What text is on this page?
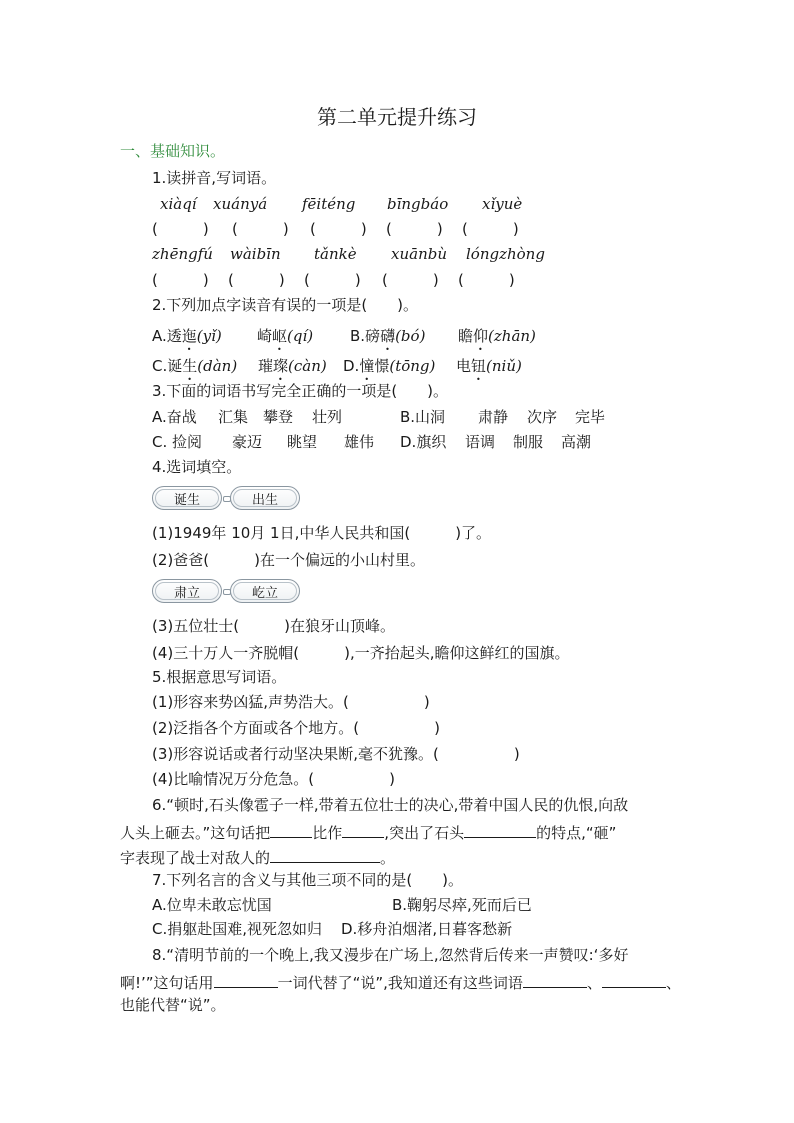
第二单元提升练习
一、基础知识。
1.读拼音,写词语。
xiàqí xuányá fēiténg bīngbáo xǐyuè
(　　　) (　　　) (　　　) (　　　) (　　　)
zhēngfú wàibīn tǎnkè xuānbù lóngzhòng
(　　　) (　　　) (　　　) (　　　) (　　　)
2.下列加点字读音有误的一项是(　　)。
A.透迤(yǐ) 崎岖(qí) B.磅礴(bó) 瞻仰(zhān)
C.诞生(dàn) 璀璨(càn) D.憧憬(tōng) 电钮(niǔ)
3.下面的词语书写完全正确的一项是(　　)。
A.奋战 汇集 攀登 壮列	B.山洞 肃静 次序 完毕
C. 捡阅 豪迈 眺望 雄伟 D.旗织 语调 制服 高潮
4.选词填空。
诞生	出生
(1)1949年 10月 1日,中华人民共和国(　　　)了。
(2)爸爸(　　　)在一个偏远的小山村里。
肃立	屹立
(3)五位壮士(　　　)在狼牙山顶峰。
(4)三十万人一齐脱帽(　　　),一齐抬起头,瞻仰这鲜红的国旗。
5.根据意思写词语。
(1)形容来势凶猛,声势浩大。(　　　　　)
(2)泛指各个方面或各个地方。(　　　　　)
(3)形容说话或者行动坚决果断,毫不犹豫。(　　　　　)
(4)比喻情况万分危急。(　　　　　)
6.“顿时,石头像雹子一样,带着五位壮士的决心,带着中国人民的仇恨,向敌
人头上砸去。”这句话把	比作	,突出了石头	的特点,“砸”
字表现了战士对敌人的	。
7.下列名言的含义与其他三项不同的是(　　)。
A.位卑未敢忘忧国	B.鞠躬尽瘁,死而后已
C.捐躯赴国难,视死忽如归 D.移舟泊烟渚,日暮客愁新
8.“清明节前的一个晚上,我又漫步在广场上,忽然背后传来一声赞叹:‘多好
啊!’”这句话用	一词代替了“说”,我知道还有这些词语	、	、
也能代替“说”。
